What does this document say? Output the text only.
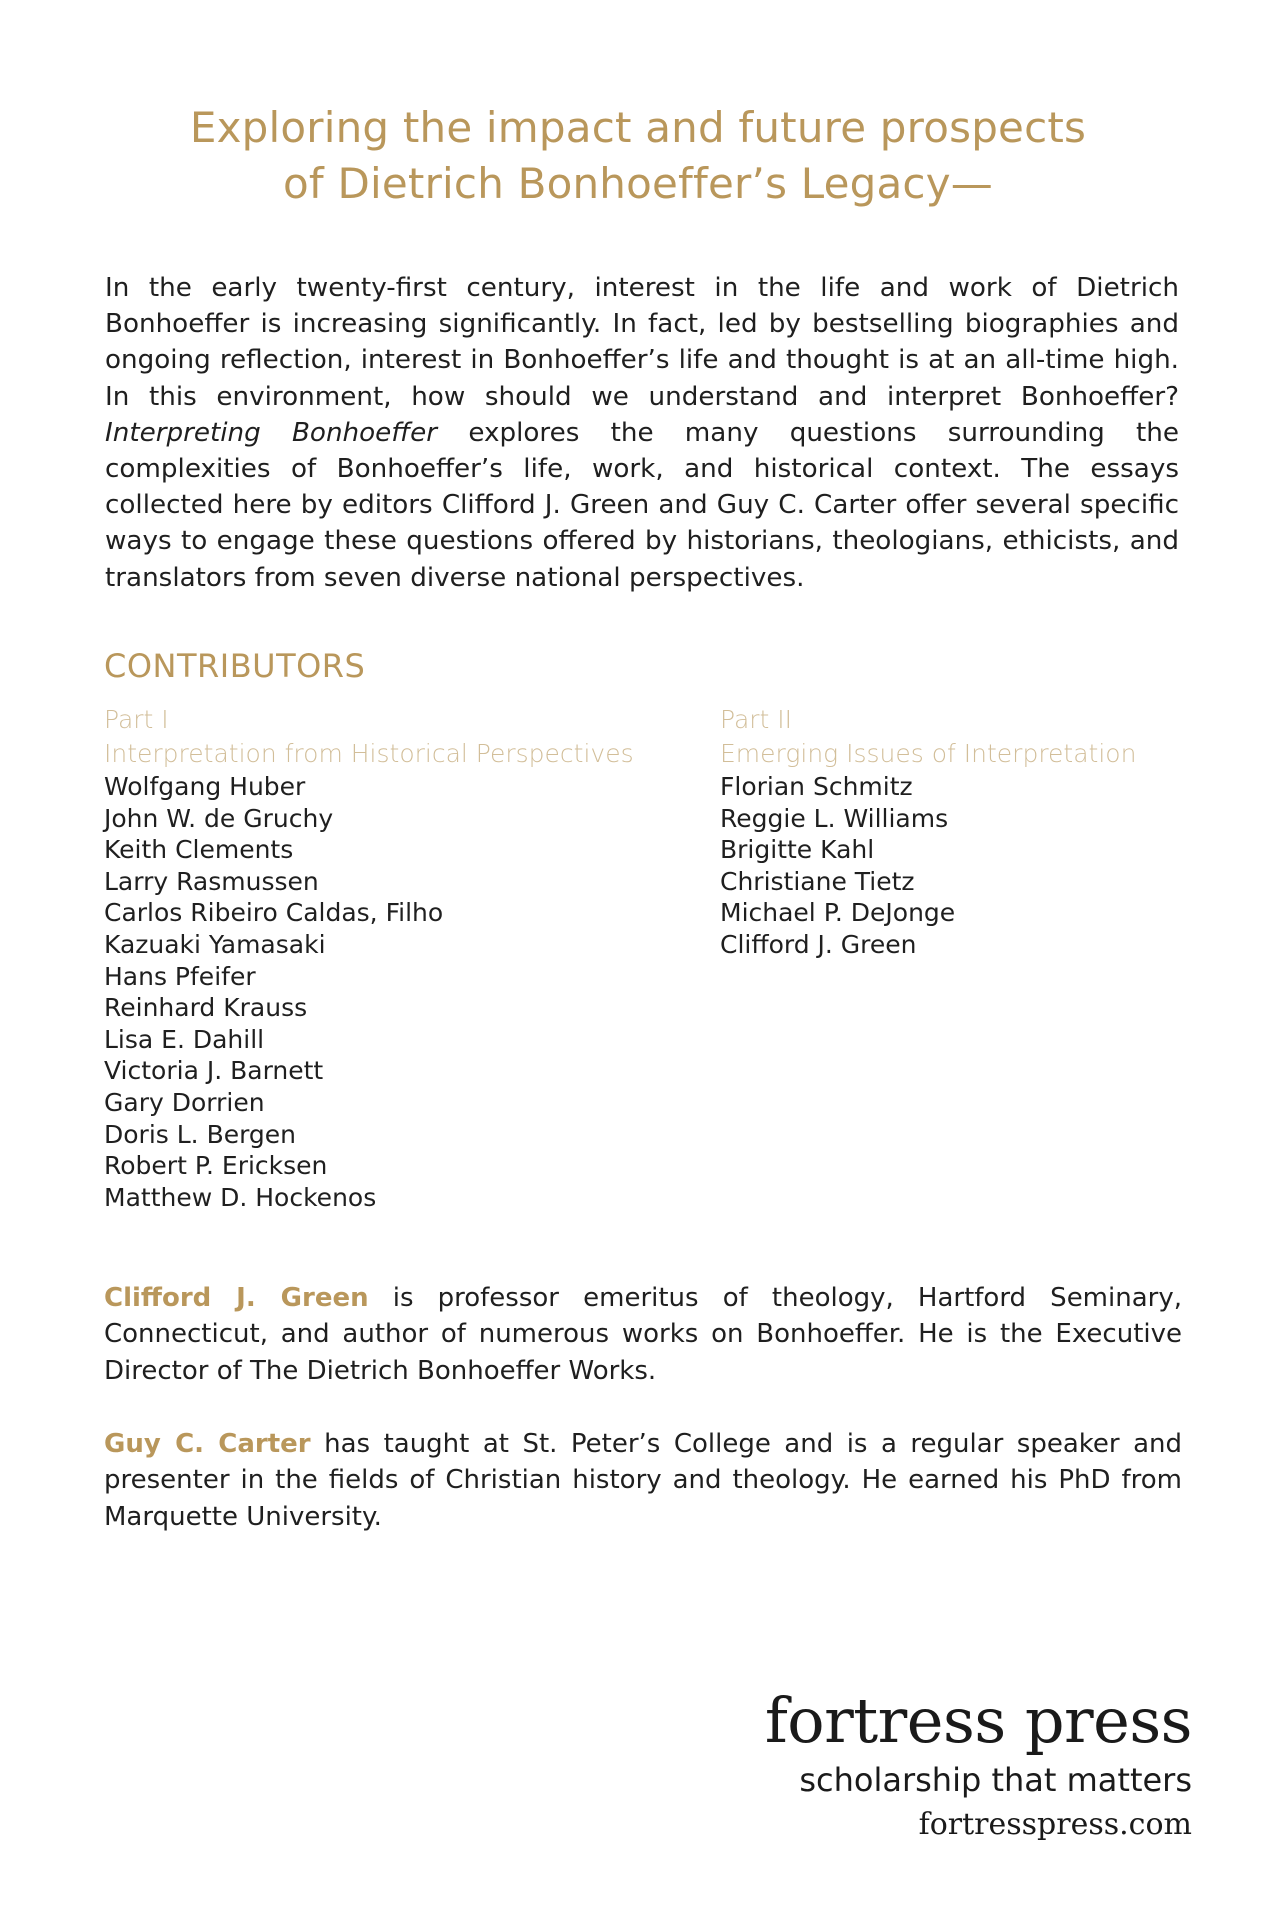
Exploring the impact and future prospects
of Dietrich Bonhoeffer’s Legacy—

In the early twenty-first century, interest in the life and work of Dietrich Bonhoeffer is increasing significantly. In fact, led by bestselling biographies and ongoing reflection, interest in Bonhoeffer’s life and thought is at an all-time high. In this environment, how should we understand and interpret Bonhoeffer? Interpreting Bonhoeffer explores the many questions surrounding the complexities of Bonhoeffer’s life, work, and historical context. The essays collected here by editors Clifford J. Green and Guy C. Carter offer several specific ways to engage these questions offered by historians, theologians, ethicists, and translators from seven diverse national perspectives.

CONTRIBUTORS
Part I
Interpretation from Historical Perspectives
Wolfgang Huber
John W. de Gruchy
Keith Clements
Larry Rasmussen
Carlos Ribeiro Caldas, Filho
Kazuaki Yamasaki
Hans Pfeifer
Reinhard Krauss
Lisa E. Dahill
Victoria J. Barnett
Gary Dorrien
Doris L. Bergen
Robert P. Ericksen
Matthew D. Hockenos
Part II
Emerging Issues of Interpretation
Florian Schmitz
Reggie L. Williams
Brigitte Kahl
Christiane Tietz
Michael P. DeJonge
Clifford J. Green

Clifford J. Green is professor emeritus of theology, Hartford Seminary, Connecticut, and author of numerous works on Bonhoeffer. He is the Executive Director of The Dietrich Bonhoeffer Works.

Guy C. Carter has taught at St. Peter’s College and is a regular speaker and presenter in the fields of Christian history and theology. He earned his PhD from Marquette University.

fortress press
scholarship that matters
fortresspress.com
